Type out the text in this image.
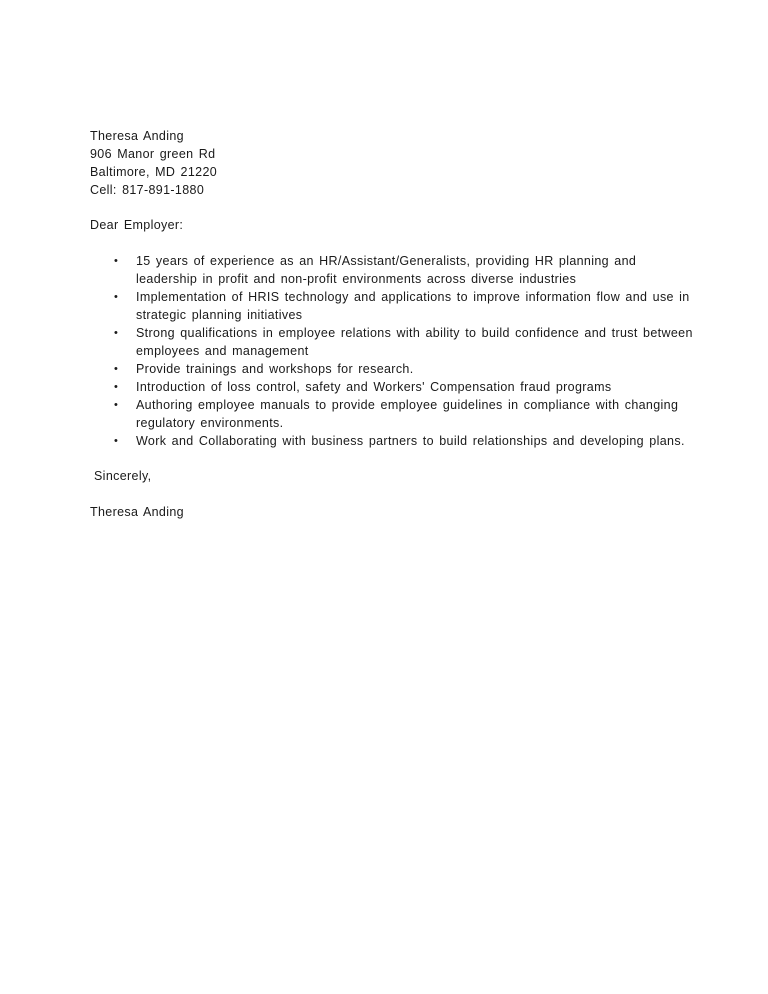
Theresa Anding
906 Manor green Rd
Baltimore, MD 21220
Cell: 817-891-1880
Dear Employer:
• 15 years of experience as an HR/Assistant/Generalists, providing HR planning and leadership in profit and non-profit environments across diverse industries
• Implementation of HRIS technology and applications to improve information flow and use in strategic planning initiatives
• Strong qualifications in employee relations with ability to build confidence and trust between employees and management
• Provide trainings and workshops for research.
• Introduction of loss control, safety and Workers' Compensation fraud programs
• Authoring employee manuals to provide employee guidelines in compliance with changing regulatory environments.
• Work and Collaborating with business partners to build relationships and developing plans.
Sincerely,
Theresa Anding
